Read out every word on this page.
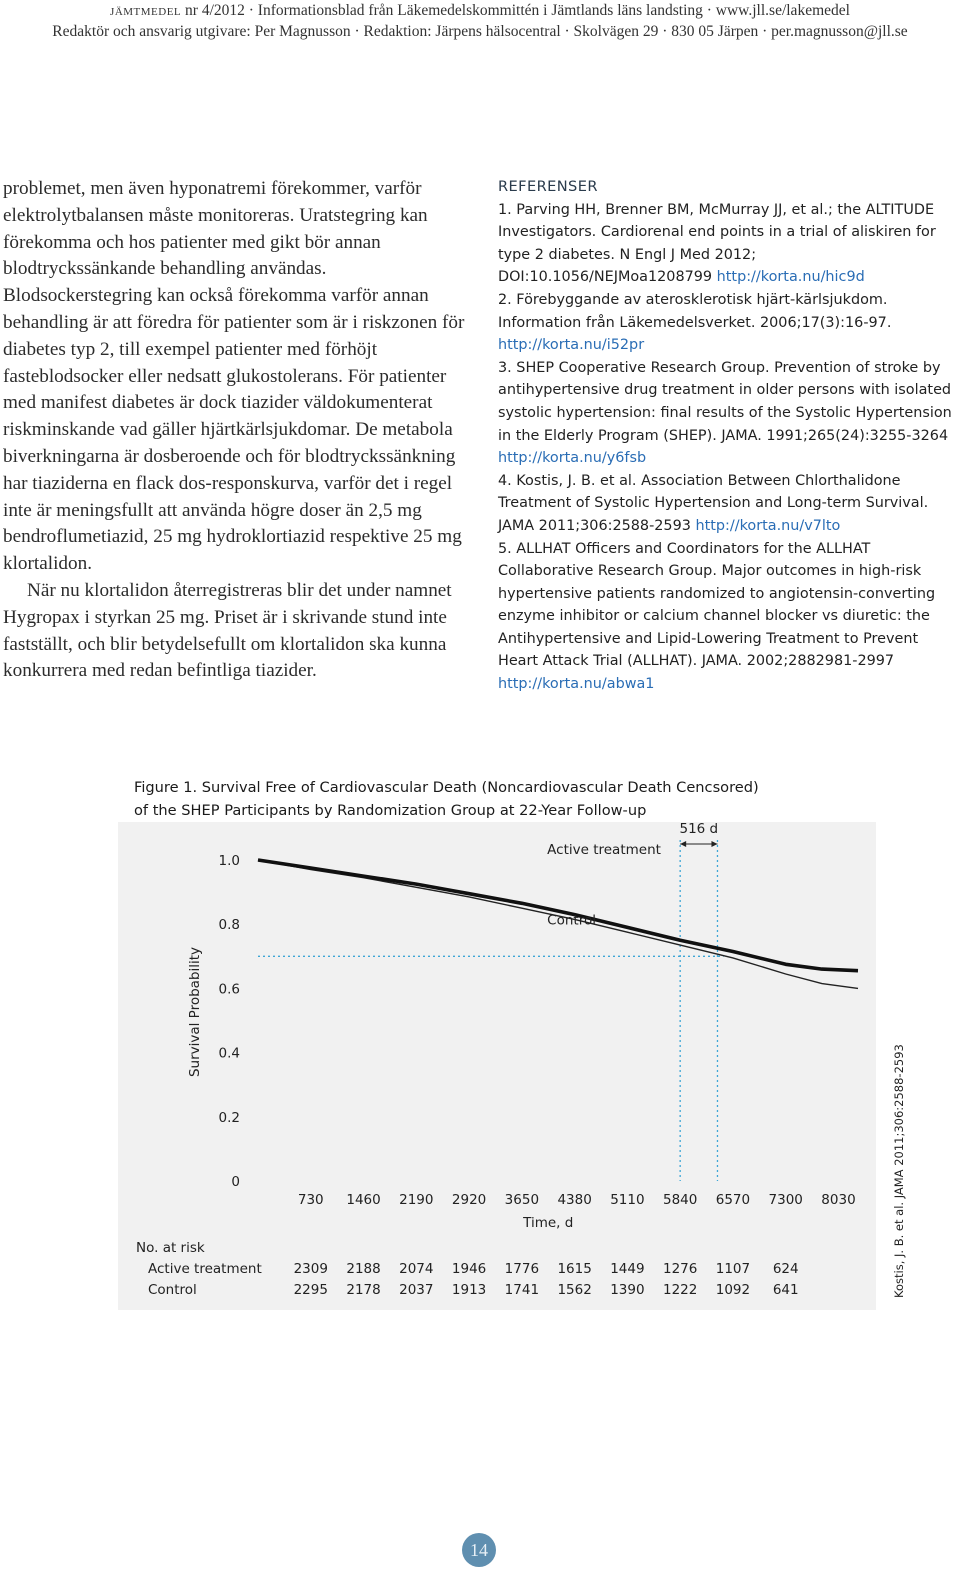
jämtmedel nr 4/2012 · Informationsblad från Läkemedelskommittén i Jämtlands läns landsting · www.jll.se/lakemedel
Redaktör och ansvarig utgivare: Per Magnusson · Redaktion: Järpens hälsocentral · Skolvägen 29 · 830 05 Järpen · per.magnusson@jll.se

problemet, men även hyponatremi förekommer, varför elektrolytbalansen måste monitoreras. Uratstegring kan förekomma och hos patienter med gikt bör annan blodtryckssänkande behandling användas. Blodsockerstegring kan också förekomma varför annan behandling är att föredra för patienter som är i riskzonen för diabetes typ 2, till exempel patienter med förhöjt fasteblodsocker eller nedsatt glukostolerans. För patienter med manifest diabetes är dock tiazider väldokumenterat riskminskande vad gäller hjärtkärlsjukdomar. De metabola biverkningarna är dosberoende och för blodtryckssänkning har tiaziderna en flack dos-responskurva, varför det i regel inte är meningsfullt att använda högre doser än 2,5 mg bendroflumetiazid, 25 mg hydroklortiazid respektive 25 mg klortalidon.

När nu klortalidon återregistreras blir det under namnet Hygropax i styrkan 25 mg. Priset är i skrivande stund inte fastställt, och blir betydelsefullt om klortalidon ska kunna konkurrera med redan befintliga tiazider.

REFERENSER

1. Parving HH, Brenner BM, McMurray JJ, et al.; the ALTITUDE Investigators. Cardiorenal end points in a trial of aliskiren for type 2 diabetes. N Engl J Med 2012; DOI:10.1056/NEJMoa1208799 http://korta.nu/hic9d

2. Förebyggande av aterosklerotisk hjärt-kärlsjukdom. Information från Läkemedelsverket. 2006;17(3):16-97. http://korta.nu/i52pr

3. SHEP Cooperative Research Group. Prevention of stroke by antihypertensive drug treatment in older persons with isolated systolic hypertension: final results of the Systolic Hypertension in the Elderly Program (SHEP). JAMA. 1991;265(24):3255-3264 http://korta.nu/y6fsb

4. Kostis, J. B. et al. Association Between Chlorthalidone Treatment of Systolic Hypertension and Long-term Survival. JAMA 2011;306:2588-2593 http://korta.nu/v7lto

5. ALLHAT Officers and Coordinators for the ALLHAT Collaborative Research Group. Major outcomes in high-risk hypertensive patients randomized to angiotensin-converting enzyme inhibitor or calcium channel blocker vs diuretic: the Antihypertensive and Lipid-Lowering Treatment to Prevent Heart Attack Trial (ALLHAT). JAMA. 2002;2882981-2997 http://korta.nu/abwa1

Figure 1. Survival Free of Cardiovascular Death (Noncardiovascular Death Cencsored)
of the SHEP Participants by Randomization Group at 22-Year Follow-up
0
0.2
0.4
0.6
0.8
1.0
730 1460 2190 2920 3650 4380 5110 5840 6570 7300 8030
Time, d
Survival Probability
516 d
Active treatment
Control
No. at risk
Active treatment 2309 2188 2074 1946 1776 1615 1449 1276 1107 624
Control	2295 2178 2037 1913 1741 1562 1390 1222 1092 641	Kostis, J. B. et al. JAMA 2011;306:2588-2593
14
